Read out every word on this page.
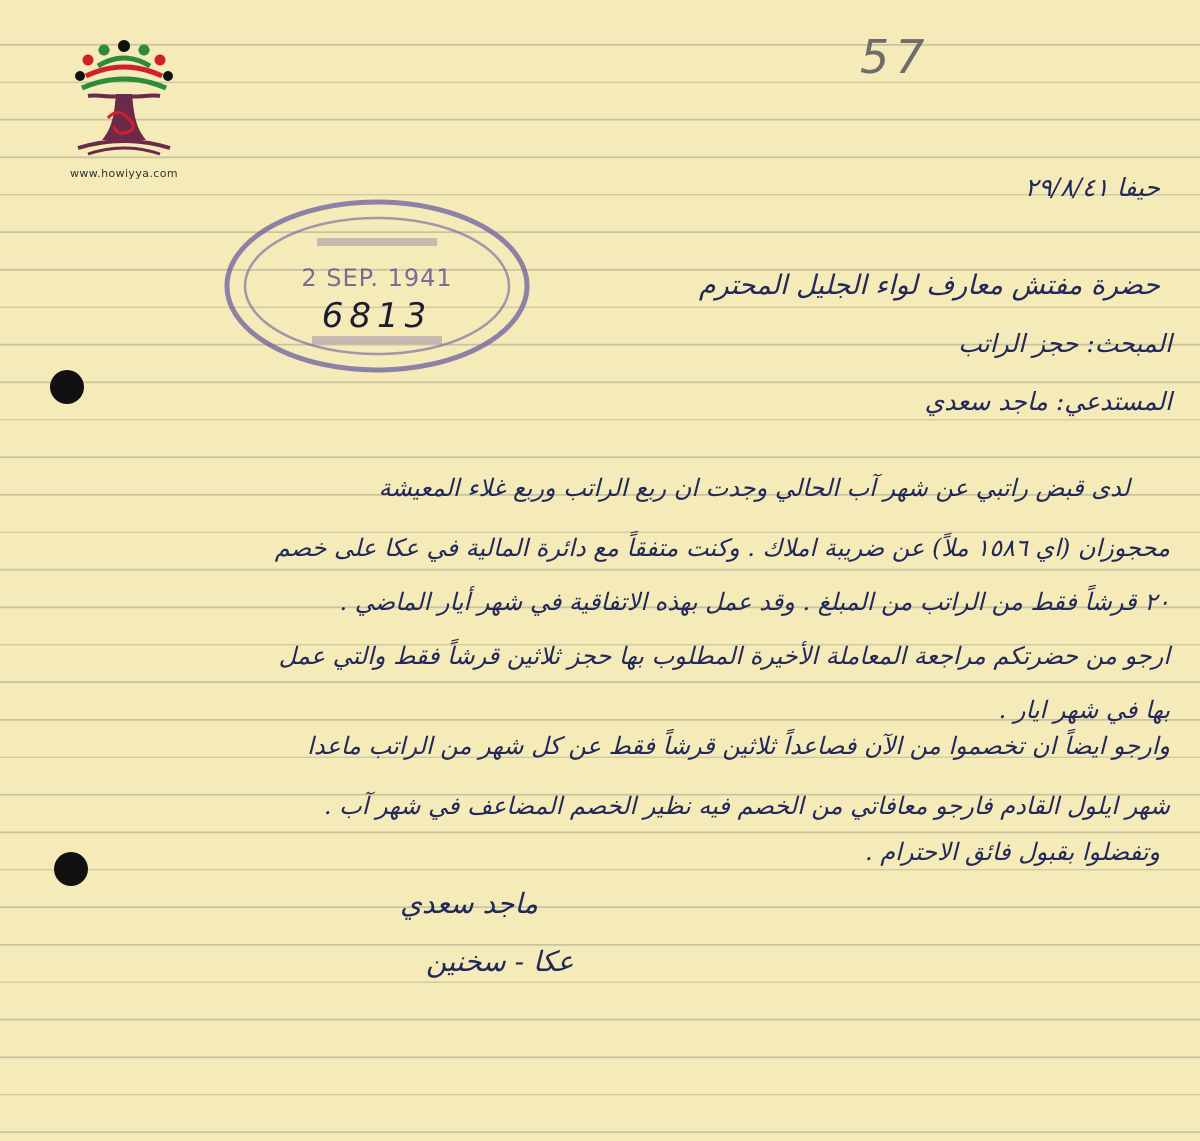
www.howiyya.com
57
حيفا ٢٩/٨/٤١
2 SEP. 1941
6813
حضرة مفتش معارف لواء الجليل المحترم
المبحث: حجز الراتب
المستدعي: ماجد سعدي
لدى قبض راتبي عن شهر آب الحالي وجدت ان ربع الراتب وربع غلاء المعيشة
محجوزان (اي ١٥٨٦ ملاً) عن ضريبة املاك . وكنت متفقاً مع دائرة المالية في عكا على خصم
٢٠ قرشاً فقط من الراتب من المبلغ . وقد عمل بهذه الاتفاقية في شهر أيار الماضي .
ارجو من حضرتكم مراجعة المعاملة الأخيرة المطلوب بها حجز ثلاثين قرشاً فقط والتي عمل
بها في شهر ايار .
وارجو ايضاً ان تخصموا من الآن فصاعداً ثلاثين قرشاً فقط عن كل شهر من الراتب ماعدا
شهر ايلول القادم فارجو معافاتي من الخصم فيه نظير الخصم المضاعف في شهر آب .
وتفضلوا بقبول فائق الاحترام .
ماجد سعدي
عكا - سخنين
